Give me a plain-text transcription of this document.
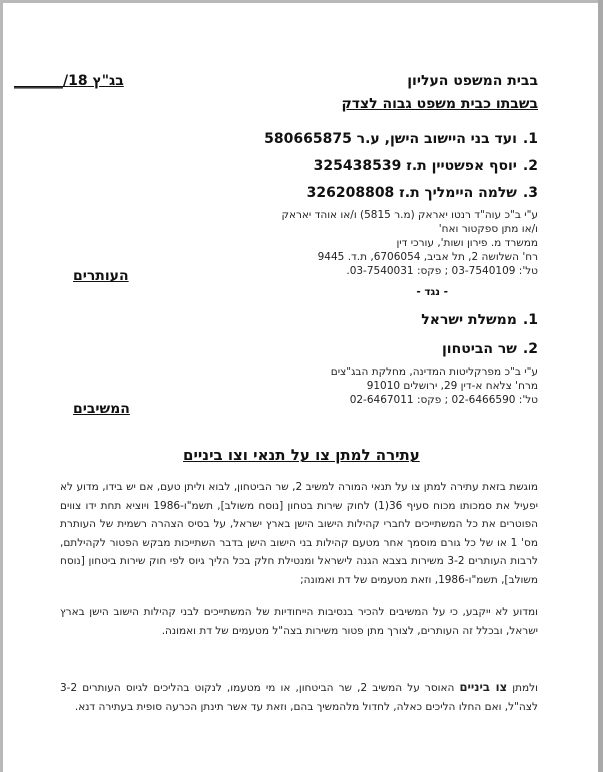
בבית המשפט העליון
בשבתו כבית משפט גבוה לצדק
בג"ץ 18/_______
1.ועד בני היישוב הישן, ע.ר 580665875
2.יוסף אפשטיין ת.ז 325438539
3.שלמה היימליך ת.ז 326208808
ע"י ב"כ עוה"ד רנטו יאראק (מ.ר 5815) ו/או אוהד יאראק
ו/או מתן ספקטור ואח'
ממשרד מ. פירון ושות', עורכי דין
רח' השלושה 2, תל אביב, 6706054, ת.ד. 9445
טל': 03-7540109 ; פקס: 03-7540031.
העותרים
- נגד -
1.ממשלת ישראל
2.שר הביטחון
ע"י ב"כ מפרקליטות המדינה, מחלקת הבג"צים
מרח' צלאח א-דין 29, ירושלים 91010
טל': 02-6466590 ; פקס: 02-6467011
המשיבים
עתירה למתן צו על תנאי וצו ביניים
מוגשת בזאת עתירה למתן צו על תנאי המורה למשיב 2, שר הביטחון, לבוא וליתן טעם, אם יש בידו, מדוע לא יפעיל את סמכותו מכוח סעיף 36(1) לחוק שירות בטחון [נוסח משולב], תשמ"ו-1986 ויוציא תחת ידו צווים הפוטרים את כל המשתייכים לחברי קהילות הישוב הישן בארץ ישראל, על בסיס הצהרה רשמית של העותרת מס' 1 או של כל גורם מוסמך אחר מטעם קהילות בני הישוב הישן בדבר השתייכות מבקש הפטור לקהילתם, לרבות העותרים 3-2 משירות בצבא הגנה לישראל ומנטילת חלק בכל הליך גיוס לפי חוק שירות ביטחון [נוסח משולב], תשמ"ו-1986, וזאת מטעמים של דת ואמונה;
ומדוע לא ייקבע, כי על המשיבים להכיר בנסיבות הייחודיות של המשתייכים לבני קהילות הישוב הישן בארץ ישראל, ובכלל זה העותרים, לצורך מתן פטור משירות בצה"ל מטעמים של דת ואמונה.
ולמתן צו ביניים האוסר על המשיב 2, שר הביטחון, או מי מטעמו, לנקוט בהליכים לגיוס העותרים 3-2 לצה"ל, ואם החלו הליכים כאלה, לחדול מלהמשיך בהם, וזאת עד אשר תינתן הכרעה סופית בעתירה דנא.
